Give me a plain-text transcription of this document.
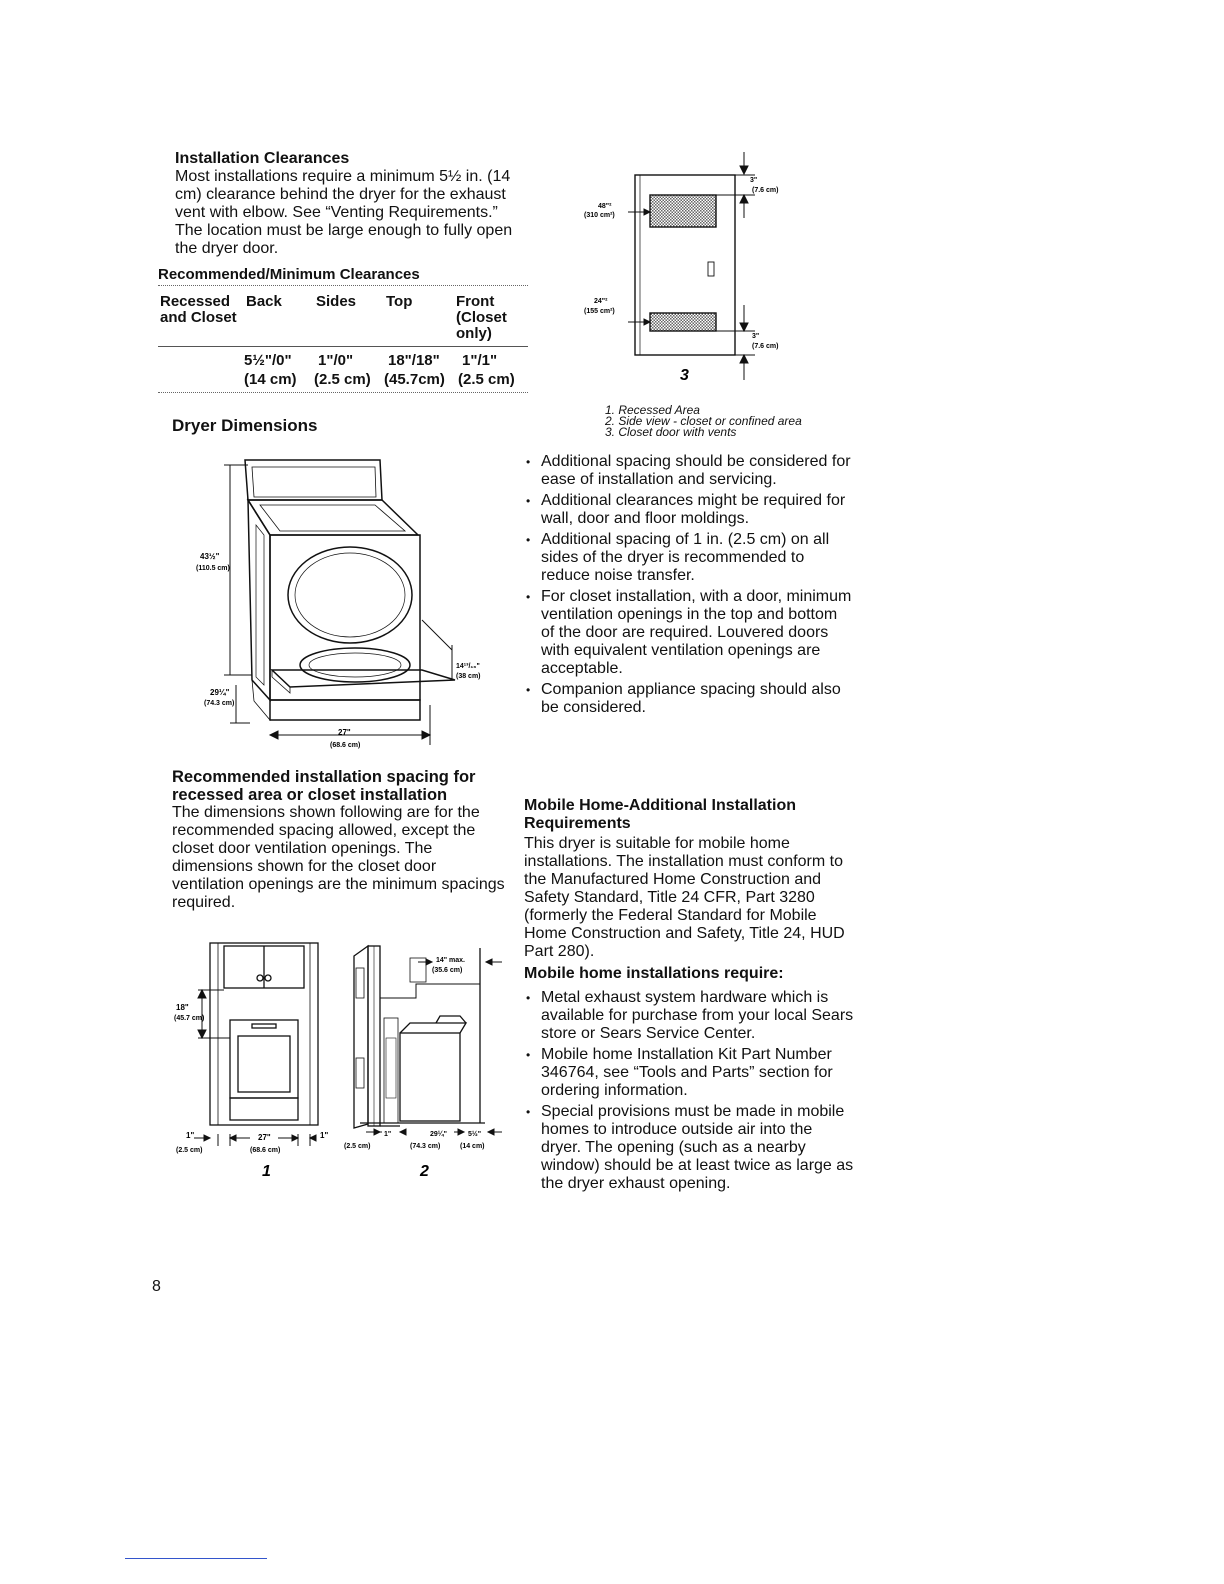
Installation Clearances
Most installations require a minimum 5½ in. (14 cm) clearance behind the dryer for the exhaust vent with elbow. See “Venting Requirements.” The location must be large enough to fully open the dryer door.
Recommended/Minimum Clearances
Recessed and Closet
Back Sides Top	Front (Closet only)
5½"/0" 1"/0" 18"/18" 1"/1"
(14 cm) (2.5 cm) (45.7cm) (2.5 cm)
Dryer Dimensions
43½"
(110.5 cm)
14¹³/₁₆"
(38 cm)
29¼"
(74.3 cm)
27"
(68.6 cm)
Recommended installation spacing for recessed area or closet installation
The dimensions shown following are for the recommended spacing allowed, except the closet door ventilation openings. The dimensions shown for the closet door ventilation openings are the minimum spacings required.
18"
(45.7 cm)
1"
(2.5 cm)
27"
(68.6 cm)
1"
1
14" max.
(35.6 cm)
1"
(2.5 cm)
29¼"
(74.3 cm)
5½"
(14 cm)
2
8
3"
(7.6 cm)
48"²
(310 cm²)
24"²
(155 cm²)
3"
(7.6 cm)
3
1. Recessed Area
2. Side view - closet or confined area
3. Closet door with vents
• Additional spacing should be considered for ease of installation and servicing.
• Additional clearances might be required for wall, door and floor moldings.
• Additional spacing of 1 in. (2.5 cm) on all sides of the dryer is recommended to reduce noise transfer.
• For closet installation, with a door, minimum ventilation openings in the top and bottom of the door are required. Louvered doors with equivalent ventilation openings are acceptable.
• Companion appliance spacing should also be considered.
Mobile Home-Additional Installation Requirements
This dryer is suitable for mobile home installations. The installation must conform to the Manufactured Home Construction and Safety Standard, Title 24 CFR, Part 3280 (formerly the Federal Standard for Mobile Home Construction and Safety, Title 24, HUD Part 280).
Mobile home installations require:
• Metal exhaust system hardware which is available for purchase from your local Sears store or Sears Service Center.
• Mobile home Installation Kit Part Number 346764, see “Tools and Parts” section for ordering information.
• Special provisions must be made in mobile homes to introduce outside air into the dryer. The opening (such as a nearby window) should be at least twice as large as the dryer exhaust opening.
